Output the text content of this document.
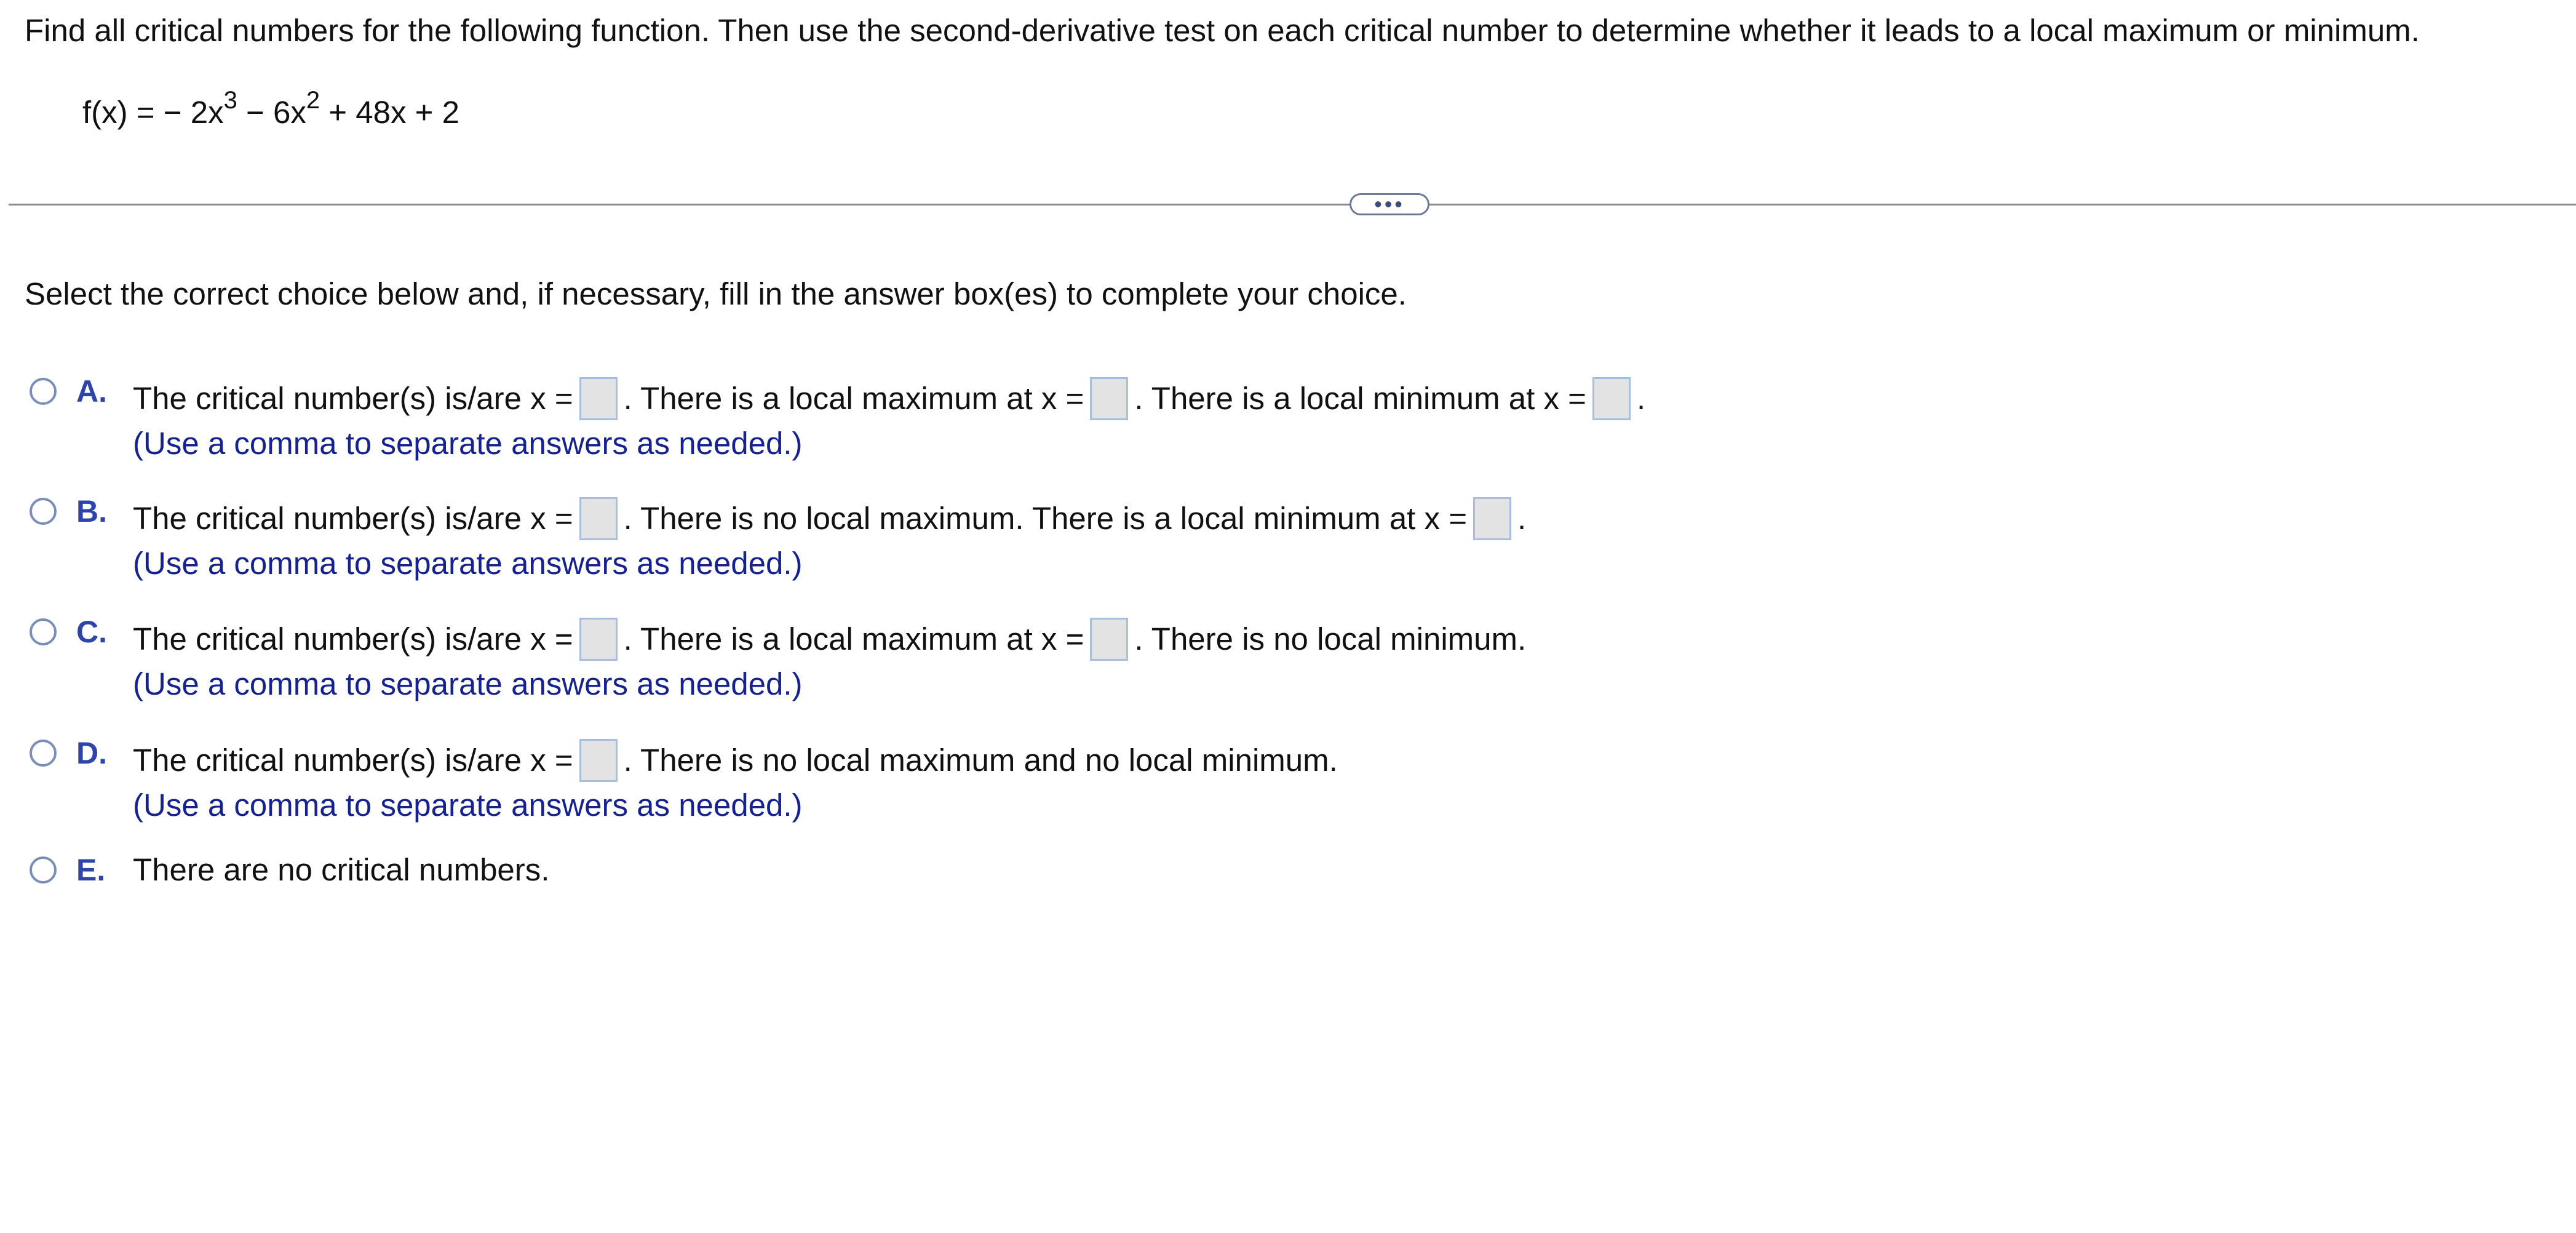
Find all critical numbers for the following function. Then use the second-derivative test on each critical number to determine whether it leads to a local maximum or minimum.
f(x) = − $2x^3 - 6x^2 + 48x + 2$
•••
Select the correct choice below and, if necessary, fill in the answer box(es) to complete your choice.
A. The critical number(s) is/are x = . There is a local maximum at x = . There is a local minimum at x = .
(Use a comma to separate answers as needed.)
B. The critical number(s) is/are x = . There is no local maximum. There is a local minimum at x = .
(Use a comma to separate answers as needed.)
C. The critical number(s) is/are x = . There is a local maximum at x = . There is no local minimum.
(Use a comma to separate answers as needed.)
D. The critical number(s) is/are x = . There is no local maximum and no local minimum.
(Use a comma to separate answers as needed.)
E. There are no critical numbers.
